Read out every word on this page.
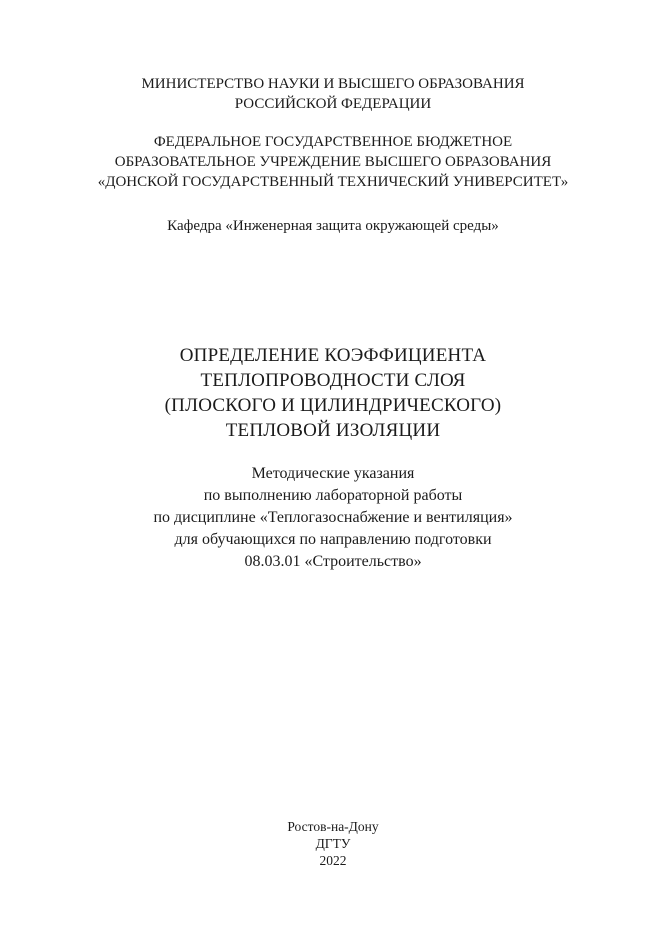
МИНИСТЕРСТВО НАУКИ И ВЫСШЕГО ОБРАЗОВАНИЯ
РОССИЙСКОЙ ФЕДЕРАЦИИ
ФЕДЕРАЛЬНОЕ ГОСУДАРСТВЕННОЕ БЮДЖЕТНОЕ
ОБРАЗОВАТЕЛЬНОЕ УЧРЕЖДЕНИЕ ВЫСШЕГО ОБРАЗОВАНИЯ
«ДОНСКОЙ ГОСУДАРСТВЕННЫЙ ТЕХНИЧЕСКИЙ УНИВЕРСИТЕТ»
Кафедра «Инженерная защита окружающей среды»
ОПРЕДЕЛЕНИЕ КОЭФФИЦИЕНТА
ТЕПЛОПРОВОДНОСТИ СЛОЯ
(ПЛОСКОГО И ЦИЛИНДРИЧЕСКОГО)
ТЕПЛОВОЙ ИЗОЛЯЦИИ
Методические указания
по выполнению лабораторной работы
по дисциплине «Теплогазоснабжение и вентиляция»
для обучающихся по направлению подготовки
08.03.01 «Строительство»
Ростов-на-Дону
ДГТУ
2022
